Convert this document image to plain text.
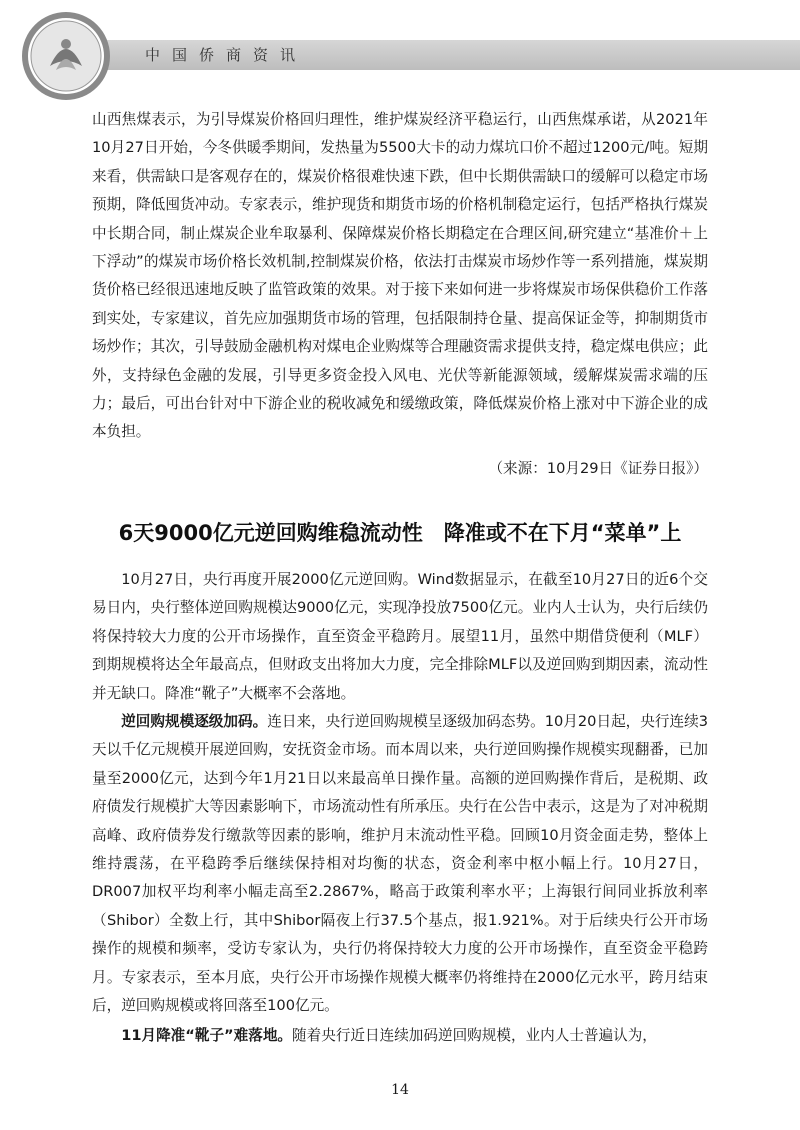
中国侨商资讯

山西焦煤表示，为引导煤炭价格回归理性，维护煤炭经济平稳运行，山西焦煤承诺，从2021年10月27日开始，今冬供暖季期间，发热量为5500大卡的动力煤坑口价不超过1200元/吨。短期来看，供需缺口是客观存在的，煤炭价格很难快速下跌，但中长期供需缺口的缓解可以稳定市场预期，降低囤货冲动。专家表示，维护现货和期货市场的价格机制稳定运行，包括严格执行煤炭中长期合同，制止煤炭企业牟取暴利、保障煤炭价格长期稳定在合理区间,研究建立“基准价＋上下浮动”的煤炭市场价格长效机制,控制煤炭价格，依法打击煤炭市场炒作等一系列措施，煤炭期货价格已经很迅速地反映了监管政策的效果。对于接下来如何进一步将煤炭市场保供稳价工作落到实处，专家建议，首先应加强期货市场的管理，包括限制持仓量、提高保证金等，抑制期货市场炒作；其次，引导鼓励金融机构对煤电企业购煤等合理融资需求提供支持，稳定煤电供应；此外，支持绿色金融的发展，引导更多资金投入风电、光伏等新能源领域，缓解煤炭需求端的压力；最后，可出台针对中下游企业的税收减免和缓缴政策，降低煤炭价格上涨对中下游企业的成本负担。

（来源：10月29日《证券日报》）

6天9000亿元逆回购维稳流动性　降准或不在下月“菜单”上

10月27日，央行再度开展2000亿元逆回购。Wind数据显示，在截至10月27日的近6个交易日内，央行整体逆回购规模达9000亿元，实现净投放7500亿元。业内人士认为，央行后续仍将保持较大力度的公开市场操作，直至资金平稳跨月。展望11月，虽然中期借贷便利（MLF）到期规模将达全年最高点，但财政支出将加大力度，完全排除MLF以及逆回购到期因素，流动性并无缺口。降准“靴子”大概率不会落地。

逆回购规模逐级加码。连日来，央行逆回购规模呈逐级加码态势。10月20日起，央行连续3天以千亿元规模开展逆回购，安抚资金市场。而本周以来，央行逆回购操作规模实现翻番，已加量至2000亿元，达到今年1月21日以来最高单日操作量。高额的逆回购操作背后，是税期、政府债发行规模扩大等因素影响下，市场流动性有所承压。央行在公告中表示，这是为了对冲税期高峰、政府债券发行缴款等因素的影响，维护月末流动性平稳。回顾10月资金面走势，整体上维持震荡，在平稳跨季后继续保持相对均衡的状态，资金利率中枢小幅上行。10月27日，DR007加权平均利率小幅走高至2.2867%，略高于政策利率水平；上海银行间同业拆放利率（Shibor）全数上行，其中Shibor隔夜上行37.5个基点，报1.921%。对于后续央行公开市场操作的规模和频率，受访专家认为，央行仍将保持较大力度的公开市场操作，直至资金平稳跨月。专家表示，至本月底，央行公开市场操作规模大概率仍将维持在2000亿元水平，跨月结束后，逆回购规模或将回落至100亿元。

11月降准“靴子”难落地。随着央行近日连续加码逆回购规模，业内人士普遍认为，

14
